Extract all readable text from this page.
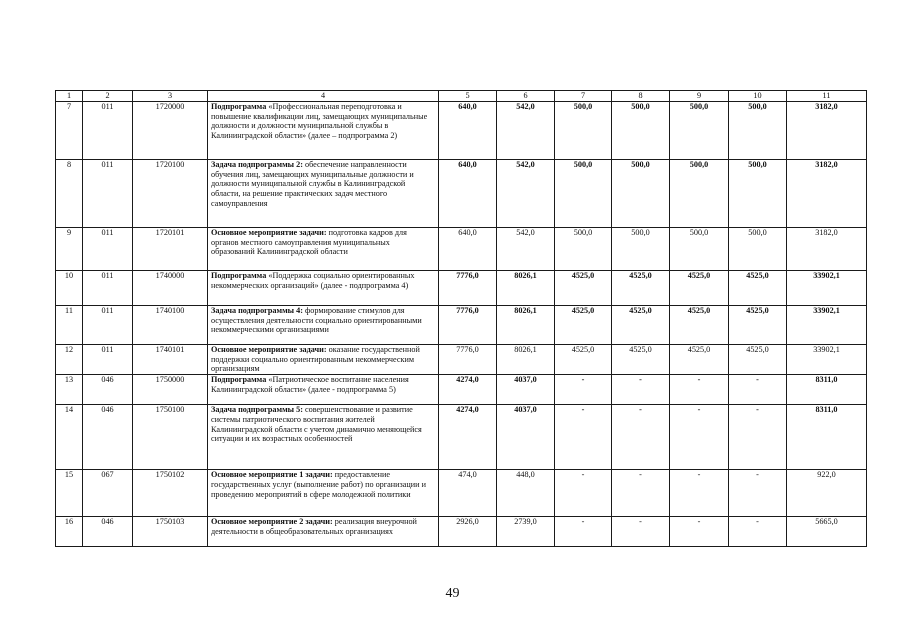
1	2	3	4	5	6	7	8	9	10	11
7	011	1720000	Подпрограмма «Профессиональная переподготовка и повышение квалификации лиц, замещающих муниципальные должности и должности муниципальной службы в Калининградской области» (далее – подпрограмма 2)	640,0	542,0	500,0	500,0	500,0	500,0	3182,0
8	011	1720100	Задача подпрограммы 2: обеспечение направленности обучения лиц, замещающих муниципальные должности и должности муниципальной службы в Калининградской области, на решение практических задач местного самоуправления	640,0	542,0	500,0	500,0	500,0	500,0	3182,0
9	011	1720101	Основное мероприятие задачи: подготовка кадров для органов местного самоуправления муниципальных образований Калининградской области	640,0	542,0	500,0	500,0	500,0	500,0	3182,0
10	011	1740000	Подпрограмма «Поддержка социально ориентированных некоммерческих организаций» (далее - подпрограмма 4)	7776,0	8026,1	4525,0	4525,0	4525,0	4525,0	33902,1
11	011	1740100	Задача подпрограммы 4: формирование стимулов для осуществления деятельности социально ориентированными некоммерческими организациями	7776,0	8026,1	4525,0	4525,0	4525,0	4525,0	33902,1
12	011	1740101	Основное мероприятие задачи: оказание государственной поддержки социально ориентированным некоммерческим организациям	7776,0	8026,1	4525,0	4525,0	4525,0	4525,0	33902,1
13	046	1750000	Подпрограмма «Патриотическое воспитание населения Калининградской области» (далее - подпрограмма 5)	4274,0	4037,0	-	-	-	-	8311,0
14	046	1750100	Задача подпрограммы 5: совершенствование и развитие системы патриотического воспитания жителей Калининградской области с учетом динамично меняющейся ситуации и их возрастных особенностей	4274,0	4037,0	-	-	-	-	8311,0
15	067	1750102	Основное мероприятие 1 задачи: предоставление государственных услуг (выполнение работ) по организации и проведению мероприятий в сфере молодежной политики	474,0	448,0	-	-	-	-	922,0
16	046	1750103	Основное мероприятие 2 задачи: реализация внеурочной деятельности в общеобразовательных организациях	2926,0	2739,0	-	-	-	-	5665,0
49
